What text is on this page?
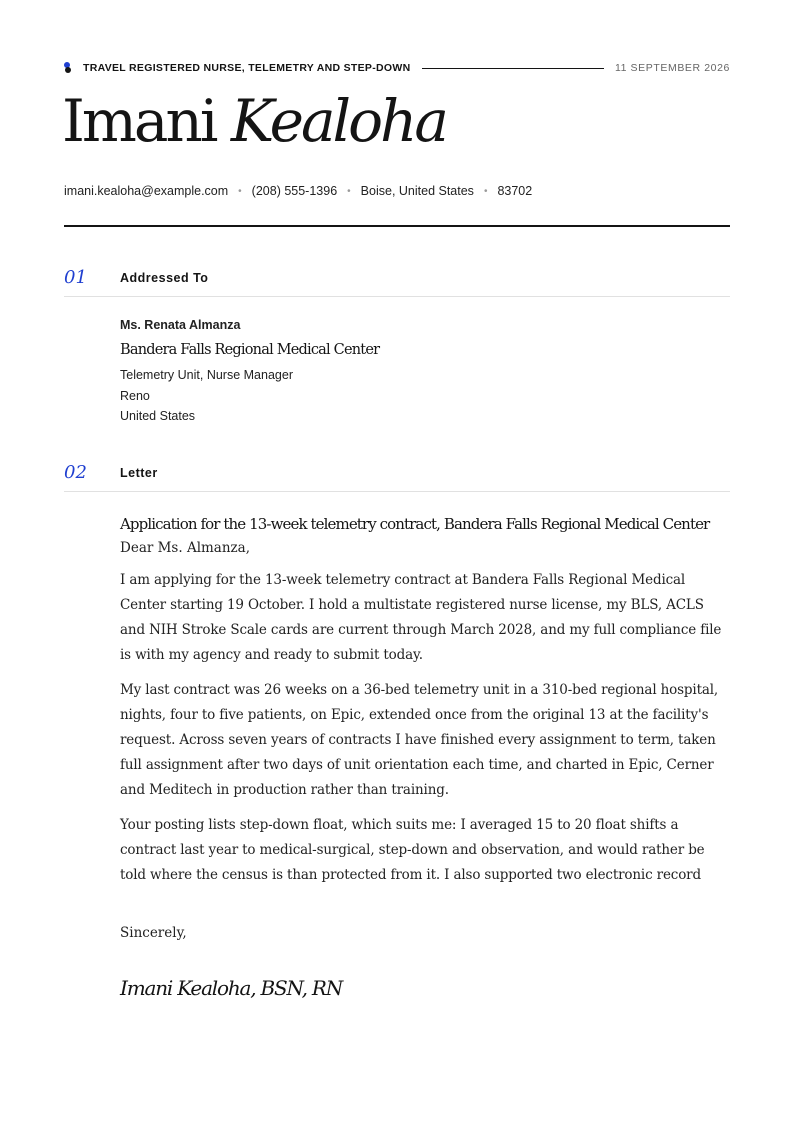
TRAVEL REGISTERED NURSE, TELEMETRY AND STEP-DOWN	11 SEPTEMBER 2026
Imani Kealoha
imani.kealoha@example.com • (208) 555-1396 • Boise, United States • 83702
01	Addressed To
02	Letter
Ms. Renata Almanza
Bandera Falls Regional Medical Center
Telemetry Unit, Nurse Manager
Reno
United States
Application for the 13-week telemetry contract, Bandera Falls Regional Medical Center
Dear Ms. Almanza,

I am applying for the 13-week telemetry contract at Bandera Falls Regional Medical Center starting 19 October. I hold a multistate registered nurse license, my BLS, ACLS and NIH Stroke Scale cards are current through March 2028, and my full compliance file is with my agency and ready to submit today.

My last contract was 26 weeks on a 36-bed telemetry unit in a 310-bed regional hospital, nights, four to five patients, on Epic, extended once from the original 13 at the facility's request. Across seven years of contracts I have finished every assignment to term, taken full assignment after two days of unit orientation each time, and charted in Epic, Cerner and Meditech in production rather than training.

Your posting lists step-down float, which suits me: I averaged 15 to 20 float shifts a contract last year to medical-surgical, step-down and observation, and would rather be told where the census is than protected from it. I also supported two electronic record

Sincerely,
Imani Kealoha, BSN, RN
